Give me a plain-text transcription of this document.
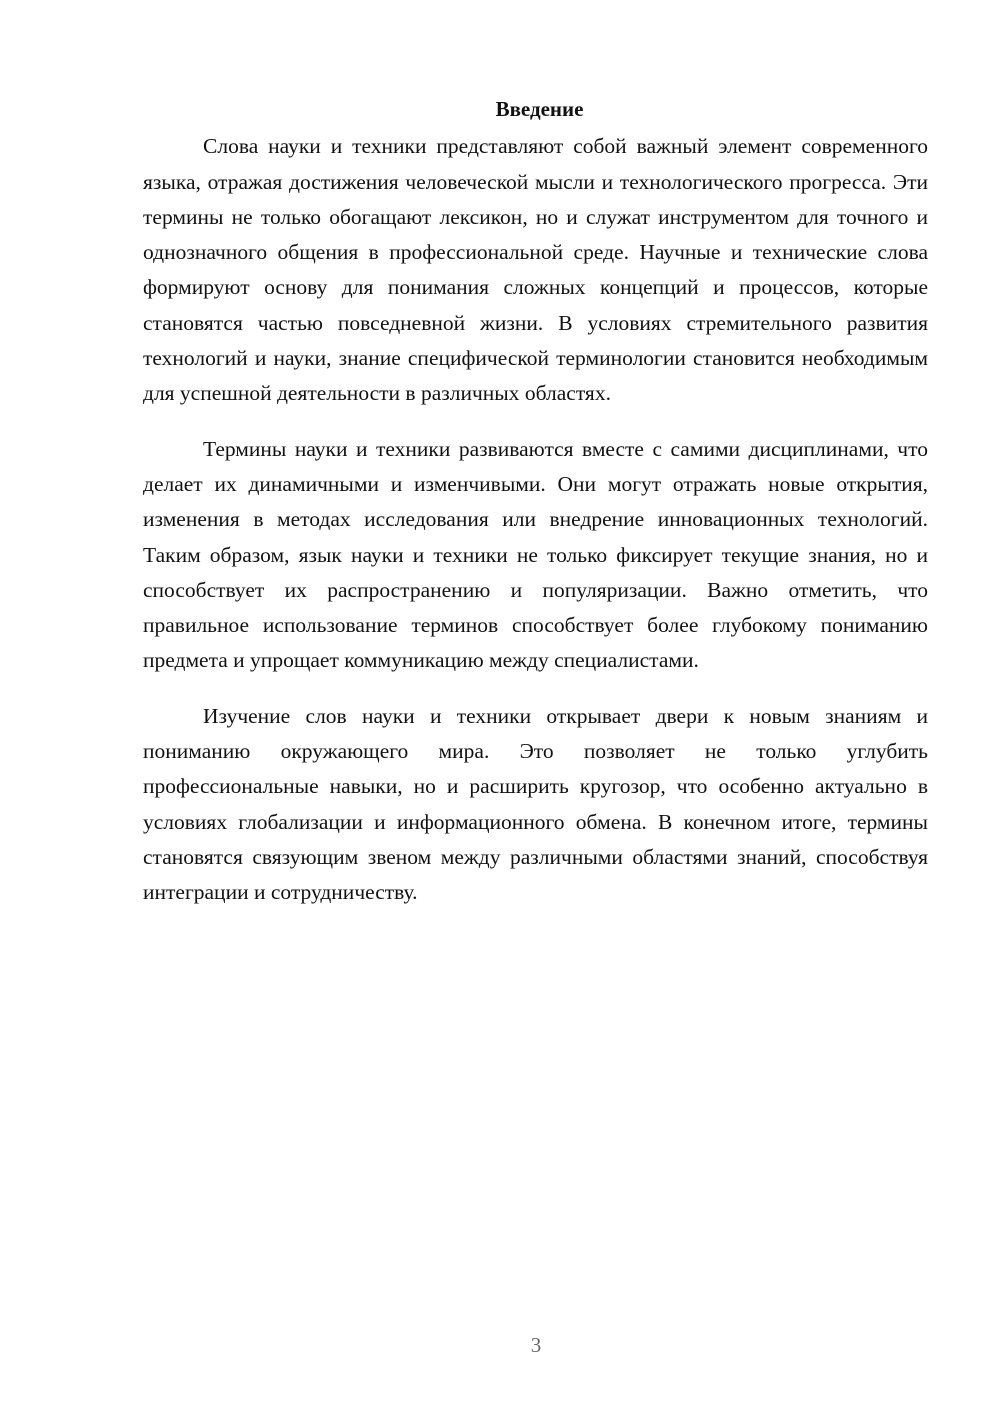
Введение

Слова науки и техники представляют собой важный элемент современного языка, отражая достижения человеческой мысли и технологического прогресса. Эти термины не только обогащают лексикон, но и служат инструментом для точного и однозначного общения в профессиональной среде. Научные и технические слова формируют основу для понимания сложных концепций и процессов, которые становятся частью повседневной жизни. В условиях стремительного развития технологий и науки, знание специфической терминологии становится необходимым для успешной деятельности в различных областях.

Термины науки и техники развиваются вместе с самими дисциплинами, что делает их динамичными и изменчивыми. Они могут отражать новые открытия, изменения в методах исследования или внедрение инновационных технологий. Таким образом, язык науки и техники не только фиксирует текущие знания, но и способствует их распространению и популяризации. Важно отметить, что правильное использование терминов способствует более глубокому пониманию предмета и упрощает коммуникацию между специалистами.

Изучение слов науки и техники открывает двери к новым знаниям и пониманию окружающего мира. Это позволяет не только углубить профессиональные навыки, но и расширить кругозор, что особенно актуально в условиях глобализации и информационного обмена. В конечном итоге, термины становятся связующим звеном между различными областями знаний, способствуя интеграции и сотрудничеству.

3
